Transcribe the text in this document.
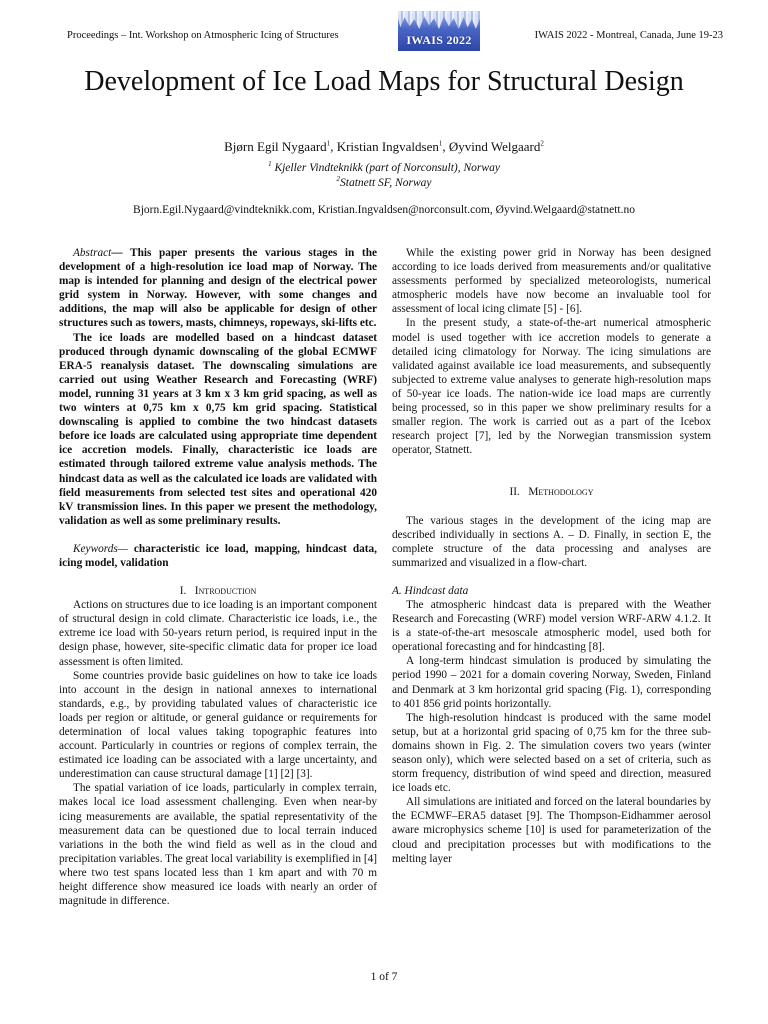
Proceedings – Int. Workshop on Atmospheric Icing of Structures	IWAIS 2022	IWAIS 2022 - Montreal, Canada, June 19-23
Development of Ice Load Maps for Structural Design
Bjørn Egil Nygaard$^1$, Kristian Ingvaldsen$^1$, Øyvind Welgaard$^2$
$^1$ Kjeller Vindteknikk (part of Norconsult), Norway
$^2$Statnett SF, Norway
Bjorn.Egil.Nygaard@vindteknikk.com, Kristian.Ingvaldsen@norconsult.com, Øyvind.Welgaard@statnett.no

Abstract— This paper presents the various stages in the development of a high-resolution ice load map of Norway. The map is intended for planning and design of the electrical power grid system in Norway. However, with some changes and additions, the map will also be applicable for design of other structures such as towers, masts, chimneys, ropeways, ski-lifts etc.

The ice loads are modelled based on a hindcast dataset produced through dynamic downscaling of the global ECMWF ERA-5 reanalysis dataset. The downscaling simulations are carried out using Weather Research and Forecasting (WRF) model, running 31 years at 3 km x 3 km grid spacing, as well as two winters at 0,75 km x 0,75 km grid spacing. Statistical downscaling is applied to combine the two hindcast datasets before ice loads are calculated using appropriate time dependent ice accretion models. Finally, characteristic ice loads are estimated through tailored extreme value analysis methods. The hindcast data as well as the calculated ice loads are validated with field measurements from selected test sites and operational 420 kV transmission lines. In this paper we present the methodology, validation as well as some preliminary results.

Keywords— characteristic ice load, mapping, hindcast data, icing model, validation

I. Introduction

Actions on structures due to ice loading is an important component of structural design in cold climate. Characteristic ice loads, i.e., the extreme ice load with 50-years return period, is required input in the design phase, however, site-specific climatic data for proper ice load assessment is often limited.

Some countries provide basic guidelines on how to take ice loads into account in the design in national annexes to international standards, e.g., by providing tabulated values of characteristic ice loads per region or altitude, or general guidance or requirements for determination of local values taking topographic features into account. Particularly in countries or regions of complex terrain, the estimated ice loading can be associated with a large uncertainty, and underestimation can cause structural damage [1] [2] [3].

The spatial variation of ice loads, particularly in complex terrain, makes local ice load assessment challenging. Even when near-by icing measurements are available, the spatial representativity of the measurement data can be questioned due to local terrain induced variations in the both the wind field as well as in the cloud and precipitation variables. The great local variability is exemplified in [4] where two test spans located less than 1 km apart and with 70 m height difference show measured ice loads with nearly an order of magnitude in difference.

While the existing power grid in Norway has been designed according to ice loads derived from measurements and/or qualitative assessments performed by specialized meteorologists, numerical atmospheric models have now become an invaluable tool for assessment of local icing climate [5] - [6].

In the present study, a state-of-the-art numerical atmospheric model is used together with ice accretion models to generate a detailed icing climatology for Norway. The icing simulations are validated against available ice load measurements, and subsequently subjected to extreme value analyses to generate high-resolution maps of 50-year ice loads. The nation-wide ice load maps are currently being processed, so in this paper we show preliminary results for a smaller region. The work is carried out as a part of the Icebox research project [7], led by the Norwegian transmission system operator, Statnett.

II. Methodology

The various stages in the development of the icing map are described individually in sections A. – D. Finally, in section E, the complete structure of the data processing and analyses are summarized and visualized in a flow-chart.

A. Hindcast data

The atmospheric hindcast data is prepared with the Weather Research and Forecasting (WRF) model version WRF-ARW 4.1.2. It is a state-of-the-art mesoscale atmospheric model, used both for operational forecasting and for hindcasting [8].

A long-term hindcast simulation is produced by simulating the period 1990 – 2021 for a domain covering Norway, Sweden, Finland and Denmark at 3 km horizontal grid spacing (Fig. 1), corresponding to 401 856 grid points horizontally.

The high-resolution hindcast is produced with the same model setup, but at a horizontal grid spacing of 0,75 km for the three sub-domains shown in Fig. 2. The simulation covers two years (winter season only), which were selected based on a set of criteria, such as storm frequency, distribution of wind speed and direction, measured ice loads etc.

All simulations are initiated and forced on the lateral boundaries by the ECMWF–ERA5 dataset [9]. The Thompson-Eidhammer aerosol aware microphysics scheme [10] is used for parameterization of the cloud and precipitation processes but with modifications to the melting layer

1 of 7
